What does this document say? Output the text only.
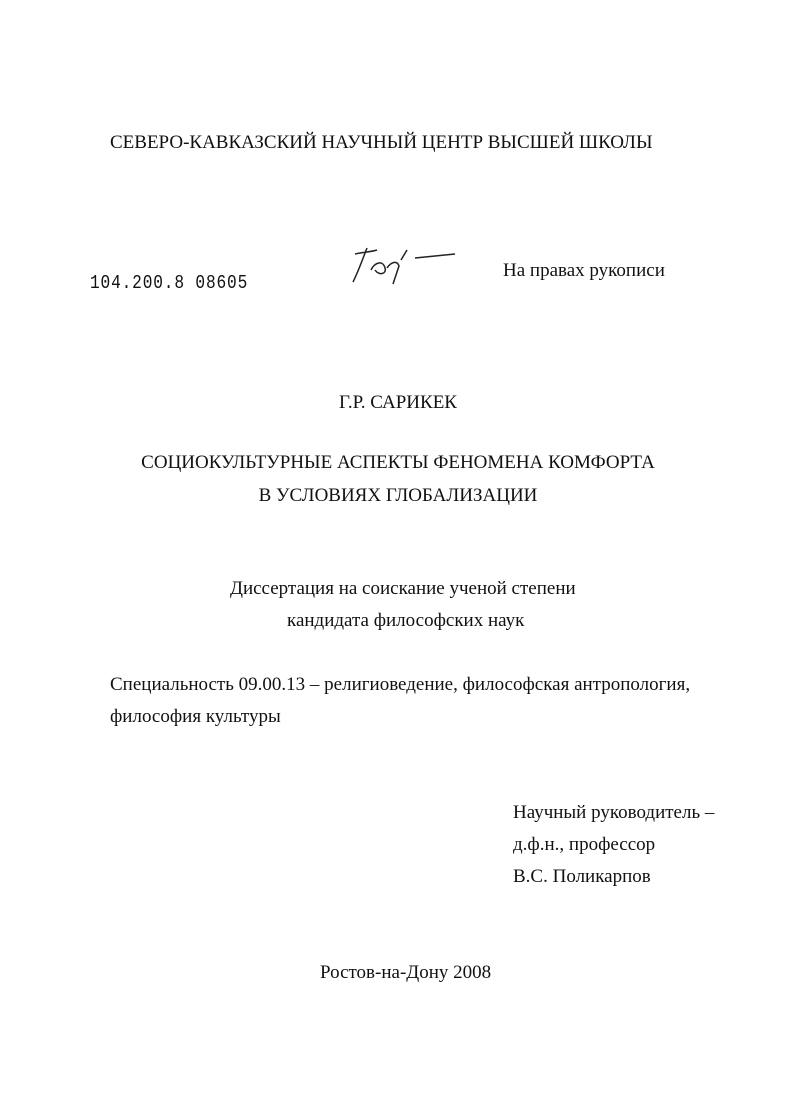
СЕВЕРО-КАВКАЗСКИЙ НАУЧНЫЙ ЦЕНТР ВЫСШЕЙ ШКОЛЫ
104.200.8 08605
На правах рукописи
Г.Р. САРИКЕК
СОЦИОКУЛЬТУРНЫЕ АСПЕКТЫ ФЕНОМЕНА КОМФОРТА
В УСЛОВИЯХ ГЛОБАЛИЗАЦИИ
Диссертация на соискание ученой степени
кандидата философских наук
Специальность 09.00.13 – религиоведение, философская антропология,
философия культуры
Научный руководитель –
д.ф.н., профессор
В.С. Поликарпов
Ростов-на-Дону 2008
